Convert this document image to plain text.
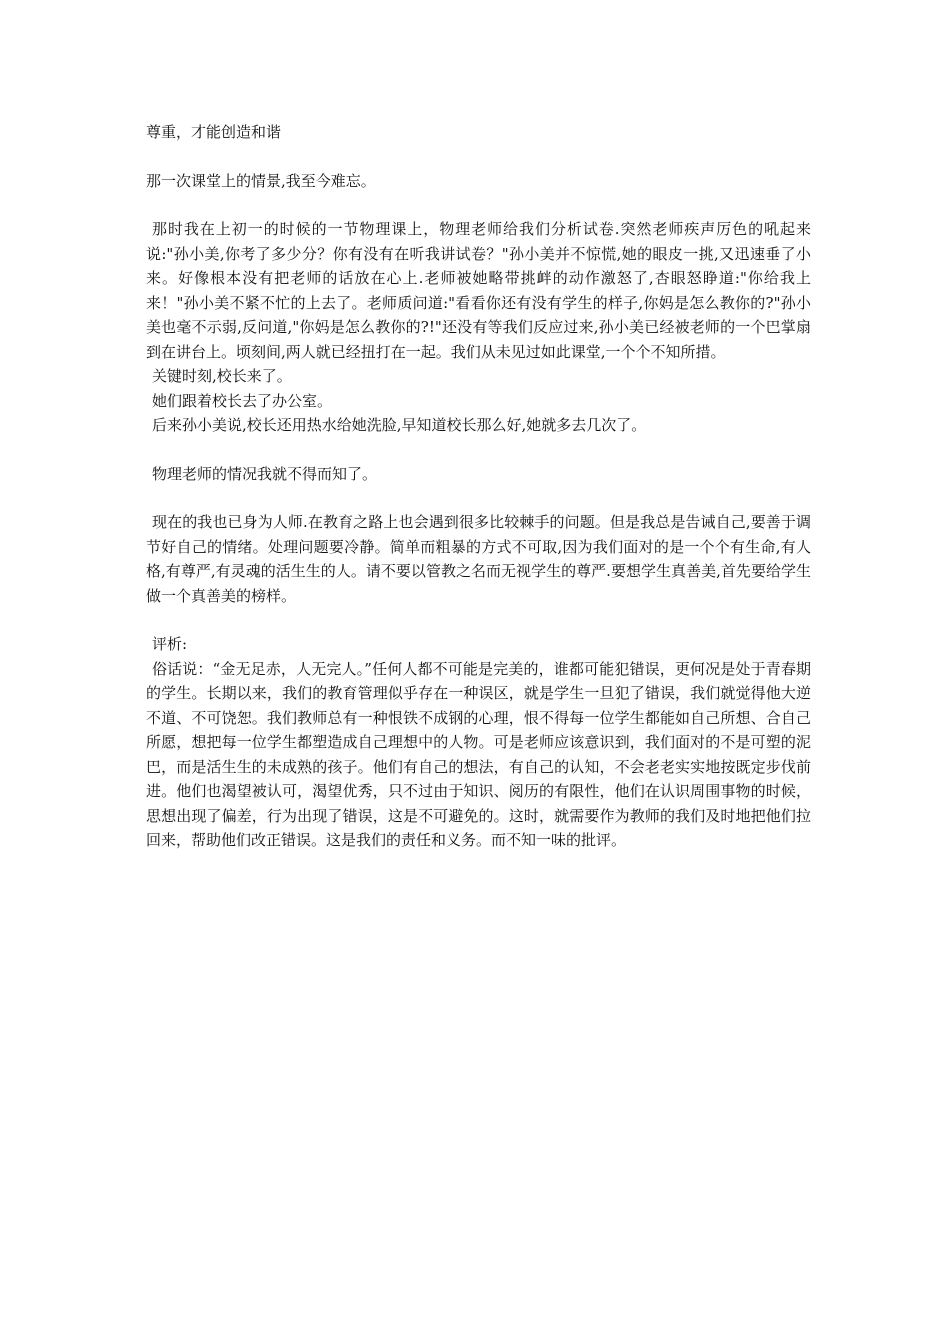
尊重，才能创造和谐

那一次课堂上的情景,我至今难忘。

那时我在上初一的时候的一节物理课上，物理老师给我们分析试卷.突然老师疾声厉色的吼起来说:"孙小美,你考了多少分？你有没有在听我讲试卷？"孙小美并不惊慌,她的眼皮一挑,又迅速垂了小来。好像根本没有把老师的话放在心上.老师被她略带挑衅的动作激怒了,杏眼怒睁道:"你给我上来！"孙小美不紧不忙的上去了。老师质问道:"看看你还有没有学生的样子,你妈是怎么教你的?"孙小美也毫不示弱,反问道,"你妈是怎么教你的?!"还没有等我们反应过来,孙小美已经被老师的一个巴掌扇到在讲台上。顷刻间,两人就已经扭打在一起。我们从未见过如此课堂,一个个不知所措。

关键时刻,校长来了。

她们跟着校长去了办公室。

后来孙小美说,校长还用热水给她洗脸,早知道校长那么好,她就多去几次了。

物理老师的情况我就不得而知了。

现在的我也已身为人师.在教育之路上也会遇到很多比较棘手的问题。但是我总是告诫自己,要善于调节好自己的情绪。处理问题要冷静。简单而粗暴的方式不可取,因为我们面对的是一个个有生命,有人格,有尊严,有灵魂的活生生的人。请不要以管教之名而无视学生的尊严.要想学生真善美,首先要给学生做一个真善美的榜样。

评析:

俗话说：“金无足赤，人无完人。”任何人都不可能是完美的，谁都可能犯错误，更何况是处于青春期的学生。长期以来，我们的教育管理似乎存在一种误区，就是学生一旦犯了错误，我们就觉得他大逆不道、不可饶恕。我们教师总有一种恨铁不成钢的心理，恨不得每一位学生都能如自己所想、合自己所愿，想把每一位学生都塑造成自己理想中的人物。可是老师应该意识到，我们面对的不是可塑的泥巴，而是活生生的未成熟的孩子。他们有自己的想法，有自己的认知，不会老老实实地按既定步伐前进。他们也渴望被认可，渴望优秀，只不过由于知识、阅历的有限性，他们在认识周围事物的时候，思想出现了偏差，行为出现了错误，这是不可避免的。这时，就需要作为教师的我们及时地把他们拉回来，帮助他们改正错误。这是我们的责任和义务。而不知一味的批评。
